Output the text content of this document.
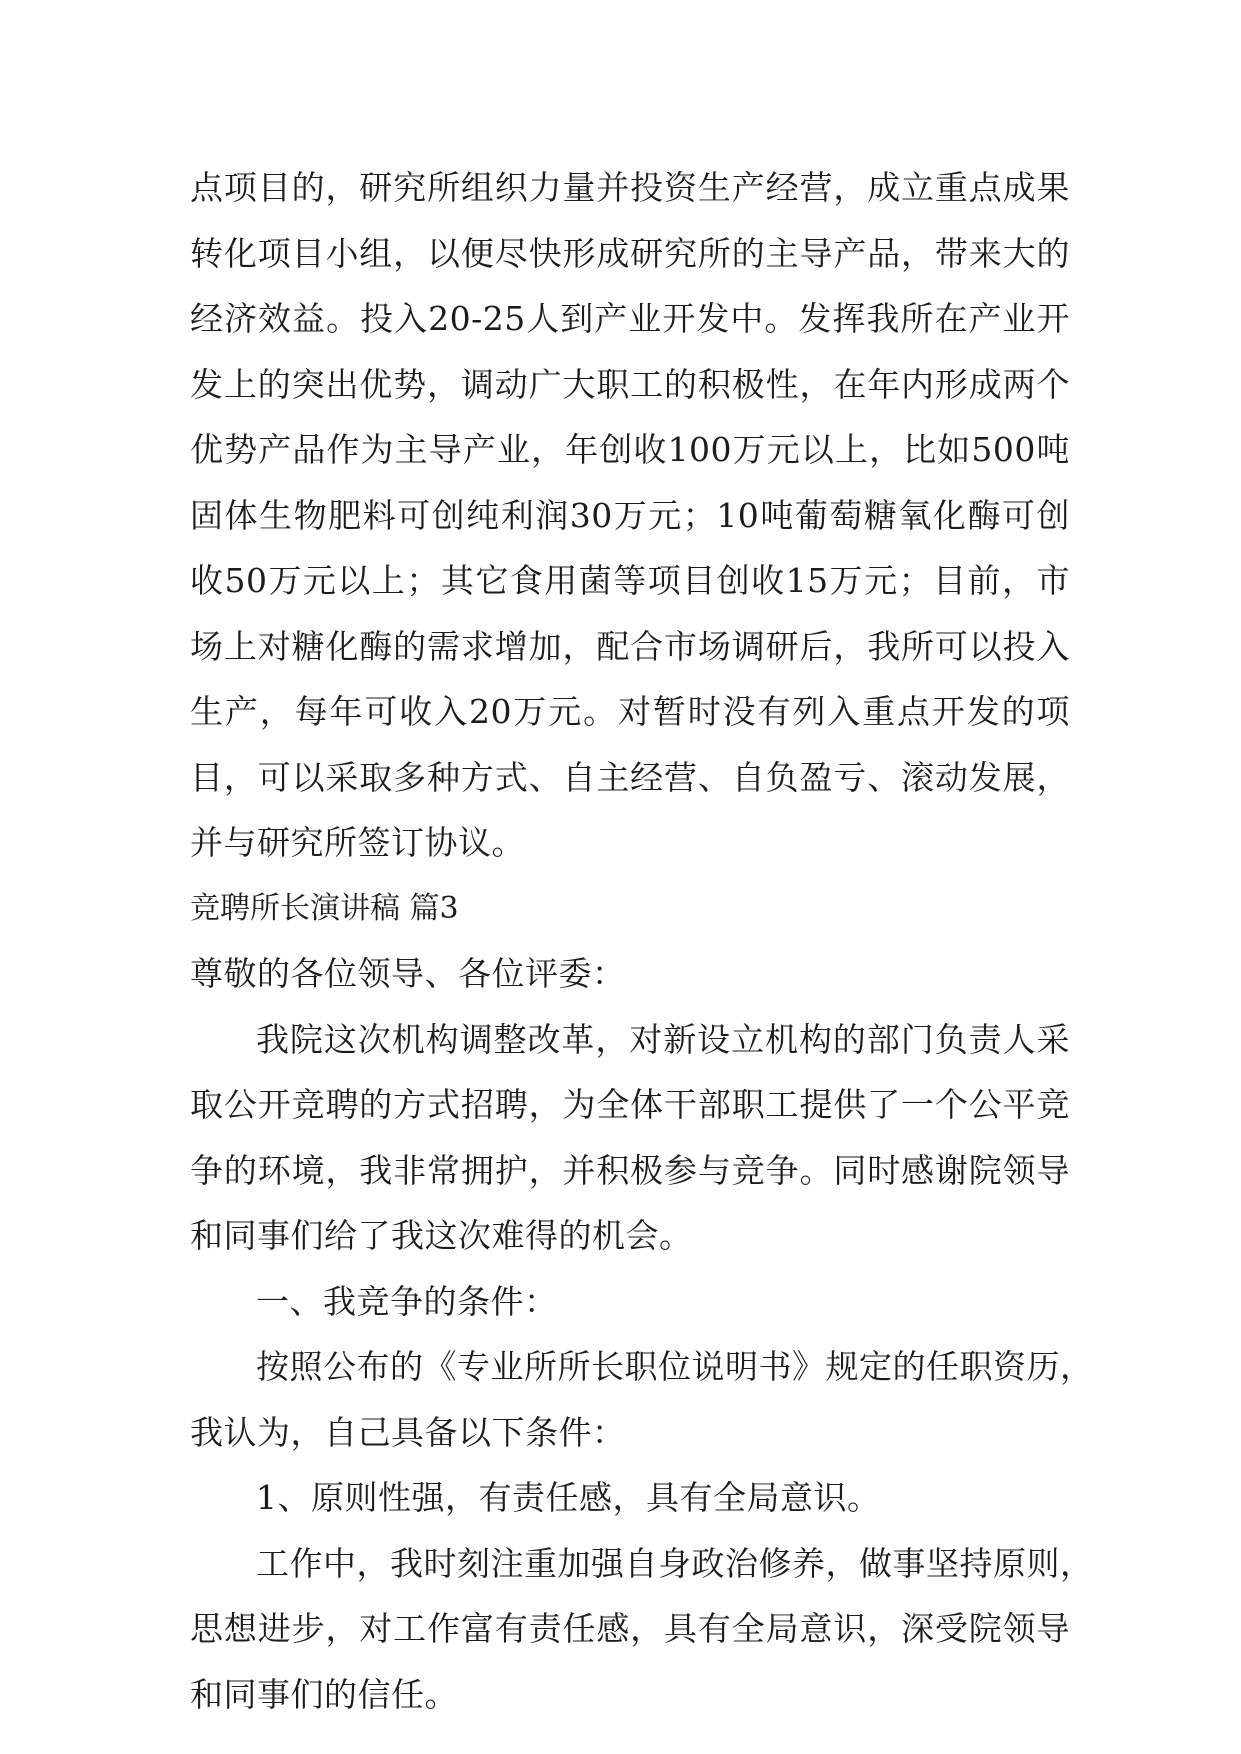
点项目的，研究所组织力量并投资生产经营，成立重点成果
转化项目小组，以便尽快形成研究所的主导产品，带来大的
经济效益。投入20-25人到产业开发中。发挥我所在产业开
发上的突出优势，调动广大职工的积极性，在年内形成两个
优势产品作为主导产业，年创收100万元以上，比如500吨
固体生物肥料可创纯利润30万元；10吨葡萄糖氧化酶可创
收50万元以上；其它食用菌等项目创收15万元；目前，市
场上对糖化酶的需求增加，配合市场调研后，我所可以投入
生产，每年可收入20万元。对暂时没有列入重点开发的项
目，可以采取多种方式、自主经营、自负盈亏、滚动发展，
并与研究所签订协议。
竞聘所长演讲稿 篇3
尊敬的各位领导、各位评委：
我院这次机构调整改革，对新设立机构的部门负责人采
取公开竞聘的方式招聘，为全体干部职工提供了一个公平竞
争的环境，我非常拥护，并积极参与竞争。同时感谢院领导
和同事们给了我这次难得的机会。
一、我竞争的条件：
按照公布的《专业所所长职位说明书》规定的任职资历，
我认为，自己具备以下条件：
1、原则性强，有责任感，具有全局意识。
工作中，我时刻注重加强自身政治修养，做事坚持原则，
思想进步，对工作富有责任感，具有全局意识，深受院领导
和同事们的信任。
